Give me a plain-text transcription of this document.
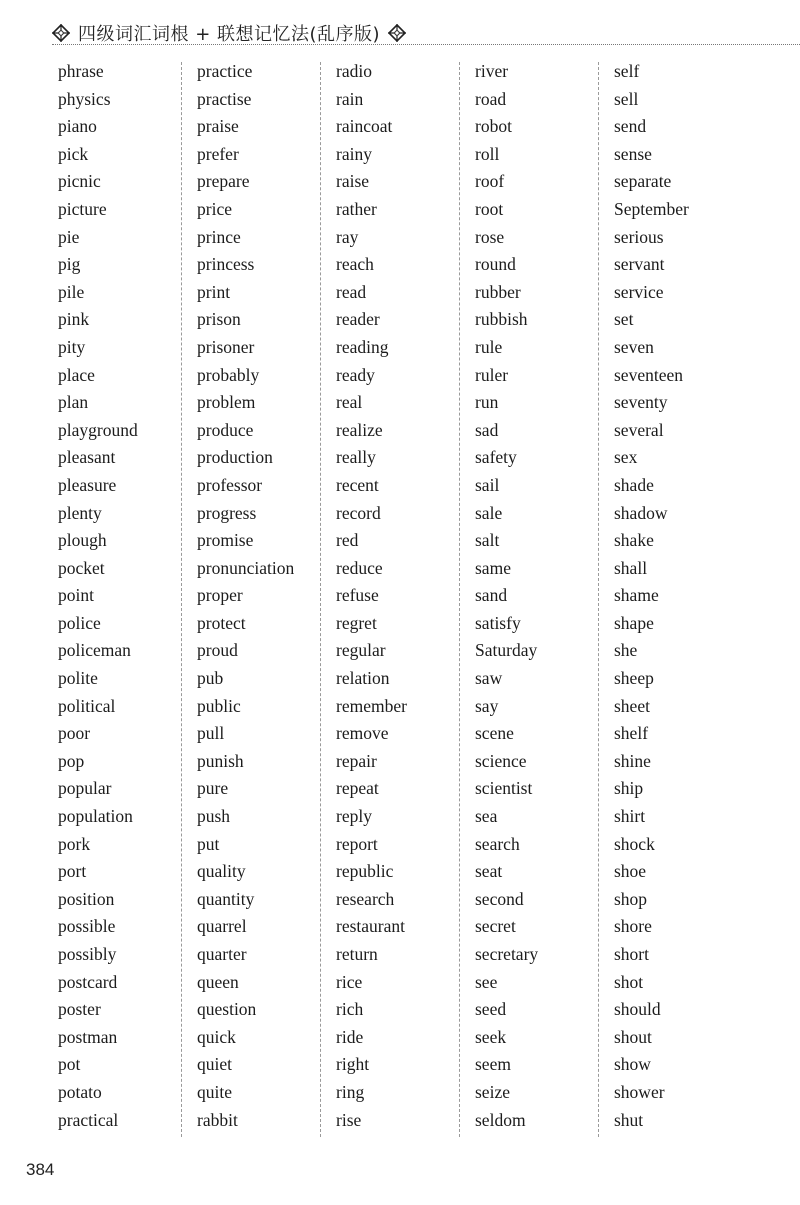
四级词汇词根 + 联想记忆法(乱序版)
phrase
physics
piano
pick
picnic
picture
pie
pig
pile
pink
pity
place
plan
playground
pleasant
pleasure
plenty
plough
pocket
point
police
policeman
polite
political
poor
pop
popular
population
pork
port
position
possible
possibly
postcard
poster
postman
pot
potato
practical
practice
practise
praise
prefer
prepare
price
prince
princess
print
prison
prisoner
probably
problem
produce
production
professor
progress
promise
pronunciation
proper
protect
proud
pub
public
pull
punish
pure
push
put
quality
quantity
quarrel
quarter
queen
question
quick
quiet
quite
rabbit
radio
rain
raincoat
rainy
raise
rather
ray
reach
read
reader
reading
ready
real
realize
really
recent
record
red
reduce
refuse
regret
regular
relation
remember
remove
repair
repeat
reply
report
republic
research
restaurant
return
rice
rich
ride
right
ring
rise
river
road
robot
roll
roof
root
rose
round
rubber
rubbish
rule
ruler
run
sad
safety
sail
sale
salt
same
sand
satisfy
Saturday
saw
say
scene
science
scientist
sea
search
seat
second
secret
secretary
see
seed
seek
seem
seize
seldom
self
sell
send
sense
separate
September
serious
servant
service
set
seven
seventeen
seventy
several
sex
shade
shadow
shake
shall
shame
shape
she
sheep
sheet
shelf
shine
ship
shirt
shock
shoe
shop
shore
short
shot
should
shout
show
shower
shut
384
